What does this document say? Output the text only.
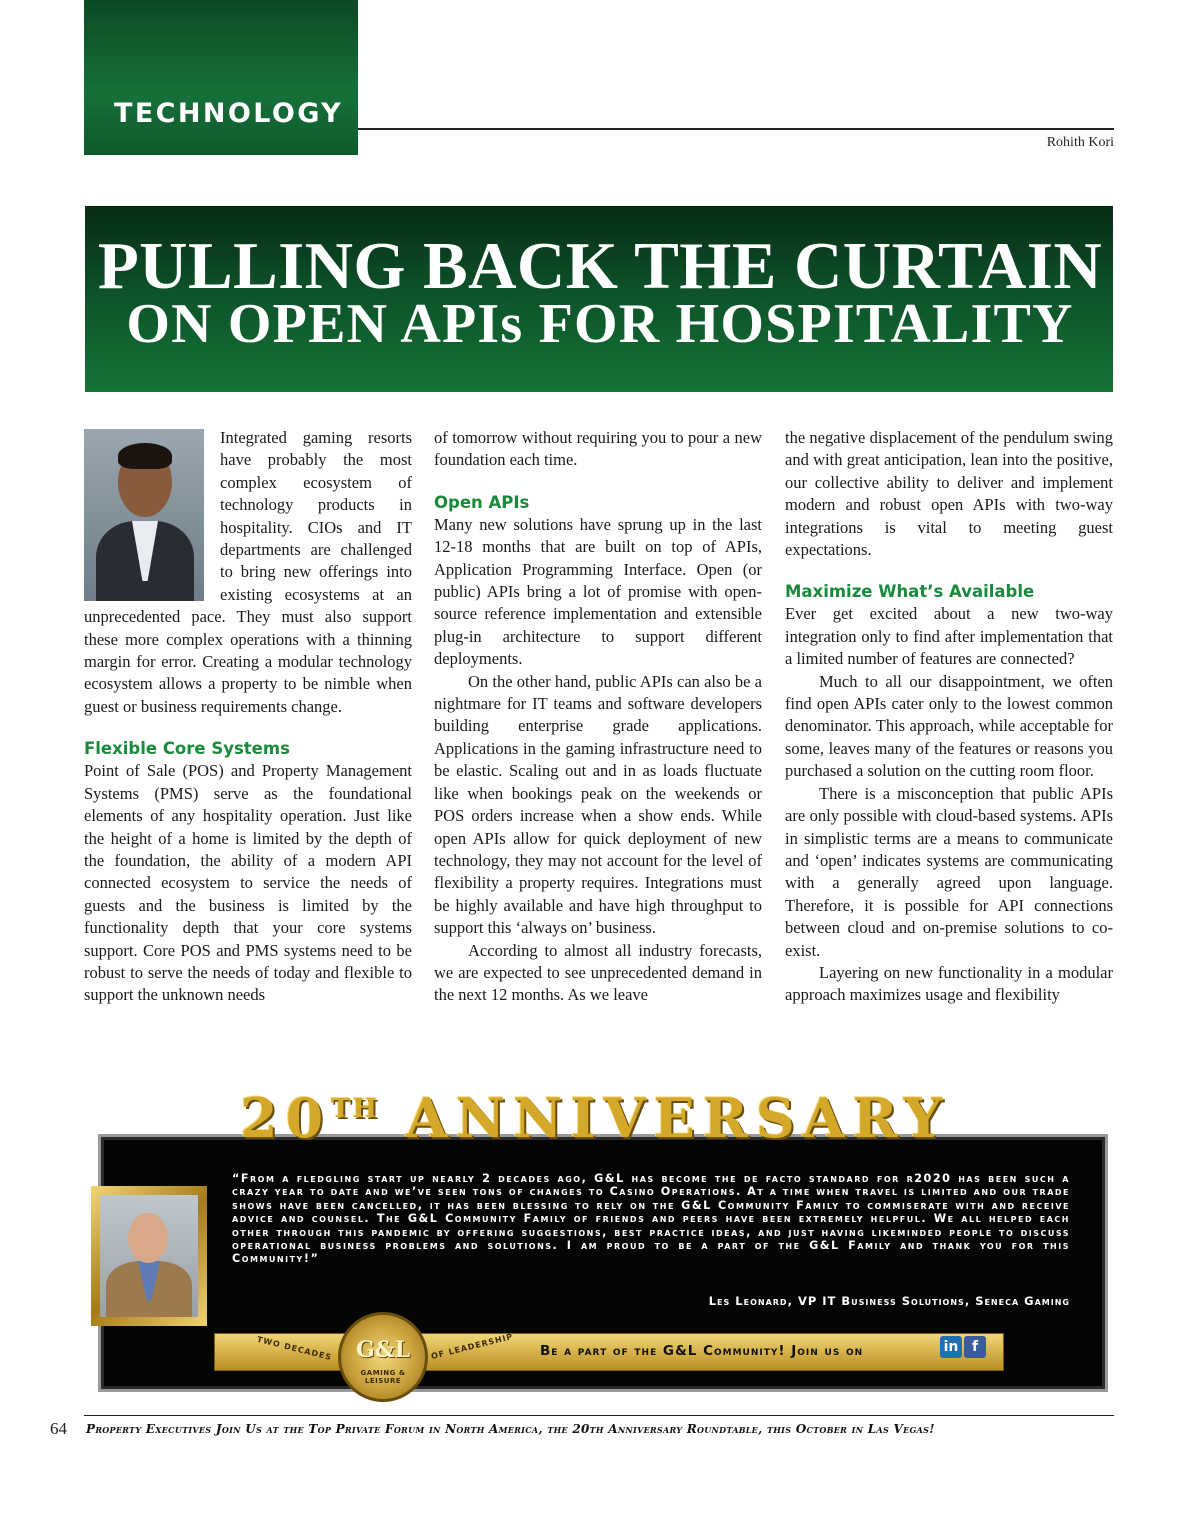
TECHNOLOGY
Rohith Kori
PULLING BACK THE CURTAIN
ON OPEN APIs FOR HOSPITALITY

Integrated gaming resorts have probably the most complex ecosystem of technology products in hospitality. CIOs and IT departments are challenged to bring new offerings into existing ecosystems at an unprecedented pace. They must also support these more complex operations with a thinning margin for error. Creating a modular technology ecosystem allows a property to be nimble when guest or business requirements change.

Flexible Core Systems

Point of Sale (POS) and Property Management Systems (PMS) serve as the foundational elements of any hospitality operation. Just like the height of a home is limited by the depth of the foundation, the ability of a modern API connected ecosystem to service the needs of guests and the business is limited by the functionality depth that your core systems support. Core POS and PMS systems need to be robust to serve the needs of today and flexible to support the unknown needs

of tomorrow without requiring you to pour a new foundation each time.

Open APIs

Many new solutions have sprung up in the last 12-18 months that are built on top of APIs, Application Programming Interface. Open (or public) APIs bring a lot of promise with open-source reference implementation and extensible plug-in architecture to support different deployments.

On the other hand, public APIs can also be a nightmare for IT teams and software developers building enterprise grade applications. Applications in the gaming infrastructure need to be elastic. Scaling out and in as loads fluctuate like when bookings peak on the weekends or POS orders increase when a show ends. While open APIs allow for quick deployment of new technology, they may not account for the level of flexibility a property requires. Integrations must be highly available and have high throughput to support this ‘always on’ business.

According to almost all industry forecasts, we are expected to see unprecedented demand in the next 12 months. As we leave

the negative displacement of the pendulum swing and with great anticipation, lean into the positive, our collective ability to deliver and implement modern and robust open APIs with two-way integrations is vital to meeting guest expectations.

Maximize What’s Available

Ever get excited about a new two-way integration only to find after implementation that a limited number of features are connected?

Much to all our disappointment, we often find open APIs cater only to the lowest common denominator. This approach, while acceptable for some, leaves many of the features or reasons you purchased a solution on the cutting room floor.

There is a misconception that public APIs are only possible with cloud-based systems. APIs in simplistic terms are a means to communicate and ‘open’ indicates systems are communicating with a generally agreed upon language. Therefore, it is possible for API connections between cloud and on-premise solutions to co-exist.

Layering on new functionality in a modular approach maximizes usage and flexibility

20TH ANNIVERSARY
“From a fledgling start up nearly 2 decades ago, G&L has become the de facto standard for r2020 has been such a crazy year to date and we’ve seen tons of changes to Casino Operations. At a time when travel is limited and our trade shows have been cancelled, it has been blessing to rely on the G&L Community Family to commiserate with and receive advice and counsel. The G&L Community Family of friends and peers have been extremely helpful. We all helped each other through this pandemic by offering suggestions, best practice ideas, and just having likeminded people to discuss operational business problems and solutions. I am proud to be a part of the G&L Family and thank you for this Community!”
Les Leonard, VP IT Business Solutions, Seneca Gaming
TWO DECADES	OF LEADERSHIP
G&L
GAMING & LEISURE
Be a part of the G&L Community! Join us on	in f
64 Property Executives Join Us at the Top Private Forum in North America, the 20th Anniversary Roundtable, this October in Las Vegas!
